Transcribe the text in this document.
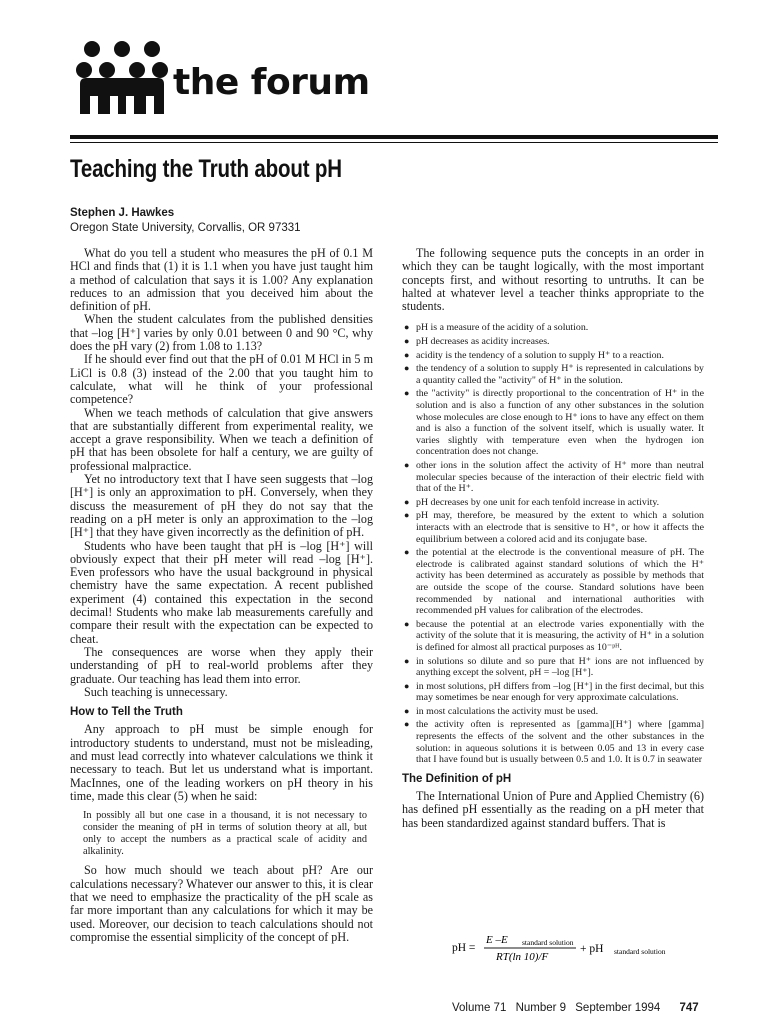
the forum
Teaching the Truth about pH
Stephen J. Hawkes
Oregon State University, Corvallis, OR 97331

What do you tell a student who measures the pH of 0.1 M HCl and finds that (1) it is 1.1 when you have just taught him a method of calculation that says it is 1.00? Any explanation reduces to an admission that you deceived him about the definition of pH.

When the student calculates from the published densities that –log [H⁺] varies by only 0.01 between 0 and 90 °C, why does the pH vary (2) from 1.08 to 1.13?

If he should ever find out that the pH of 0.01 M HCl in 5 m LiCl is 0.8 (3) instead of the 2.00 that you taught him to calculate, what will he think of your professional competence?

When we teach methods of calculation that give answers that are substantially different from experimental reality, we accept a grave responsibility. When we teach a definition of pH that has been obsolete for half a century, we are guilty of professional malpractice.

Yet no introductory text that I have seen suggests that –log [H⁺] is only an approximation to pH. Conversely, when they discuss the measurement of pH they do not say that the reading on a pH meter is only an approximation to the –log [H⁺] that they have given incorrectly as the definition of pH.

Students who have been taught that pH is –log [H⁺] will obviously expect that their pH meter will read –log [H⁺]. Even professors who have the usual background in physical chemistry have the same expectation. A recent published experiment (4) contained this expectation in the second decimal! Students who make lab measurements carefully and compare their result with the expectation can be expected to cheat.

The consequences are worse when they apply their understanding of pH to real-world problems after they graduate. Our teaching has lead them into error.

Such teaching is unnecessary.

How to Tell the Truth

Any approach to pH must be simple enough for introductory students to understand, must not be misleading, and must lead correctly into whatever calculations we think it necessary to teach. But let us understand what is important. MacInnes, one of the leading workers on pH theory in his time, made this clear (5) when he said:

In possibly all but one case in a thousand, it is not necessary to consider the meaning of pH in terms of solution theory at all, but only to accept the numbers as a practical scale of acidity and alkalinity.

So how much should we teach about pH? Are our calculations necessary? Whatever our answer to this, it is clear that we need to emphasize the practicality of the pH scale as far more important than any calculations for which it may be used. Moreover, our decision to teach calculations should not compromise the essential simplicity of the concept of pH.

The following sequence puts the concepts in an order in which they can be taught logically, with the most important concepts first, and without resorting to untruths. It can be halted at whatever level a teacher thinks appropriate to the students.

● pH is a measure of the acidity of a solution.
● pH decreases as acidity increases.
● acidity is the tendency of a solution to supply H⁺ to a reaction.
● the tendency of a solution to supply H⁺ is represented in calculations by a quantity called the "activity" of H⁺ in the solution.
● the "activity" is directly proportional to the concentration of H⁺ in the solution and is also a function of any other substances in the solution whose molecules are close enough to H⁺ ions to have any effect on them and is also a function of the solvent itself, which is usually water. It varies slightly with temperature even when the hydrogen ion concentration does not change.
● other ions in the solution affect the activity of H⁺ more than neutral molecular species because of the interaction of their electric field with that of the H⁺.
● pH decreases by one unit for each tenfold increase in activity.
● pH may, therefore, be measured by the extent to which a solution interacts with an electrode that is sensitive to H⁺, or how it affects the equilibrium between a colored acid and its conjugate base.
● the potential at the electrode is the conventional measure of pH. The electrode is calibrated against standard solutions of which the H⁺ activity has been determined as accurately as possible by methods that are outside the scope of the course. Standard solutions have been recommended by national and international authorities with recommended pH values for calibration of the electrodes.
● because the potential at an electrode varies exponentially with the activity of the solute that it is measuring, the activity of H⁺ in a solution is defined for almost all practical purposes as 10⁻ᵖᴴ.
● in solutions so dilute and so pure that H⁺ ions are not influenced by anything except the solvent, pH = –log [H⁺].
● in most solutions, pH differs from –log [H⁺] in the first decimal, but this may sometimes be near enough for very approximate calculations.
● in most calculations the activity must be used.
● the activity often is represented as [gamma][H⁺] where [gamma] represents the effects of the solvent and the other substances in the solution: in aqueous solutions it is between 0.05 and 13 in every case that I have found but is usually between 0.5 and 1.0. It is 0.7 in seawater
The Definition of pH

The International Union of Pure and Applied Chemistry (6) has defined pH essentially as the reading on a pH meter that has been standardized against standard buffers. That is

pH =
E –E standard solution
RT(ln 10)/F
+ pH standard solution
Volume 71 Number 9 September 1994 747
